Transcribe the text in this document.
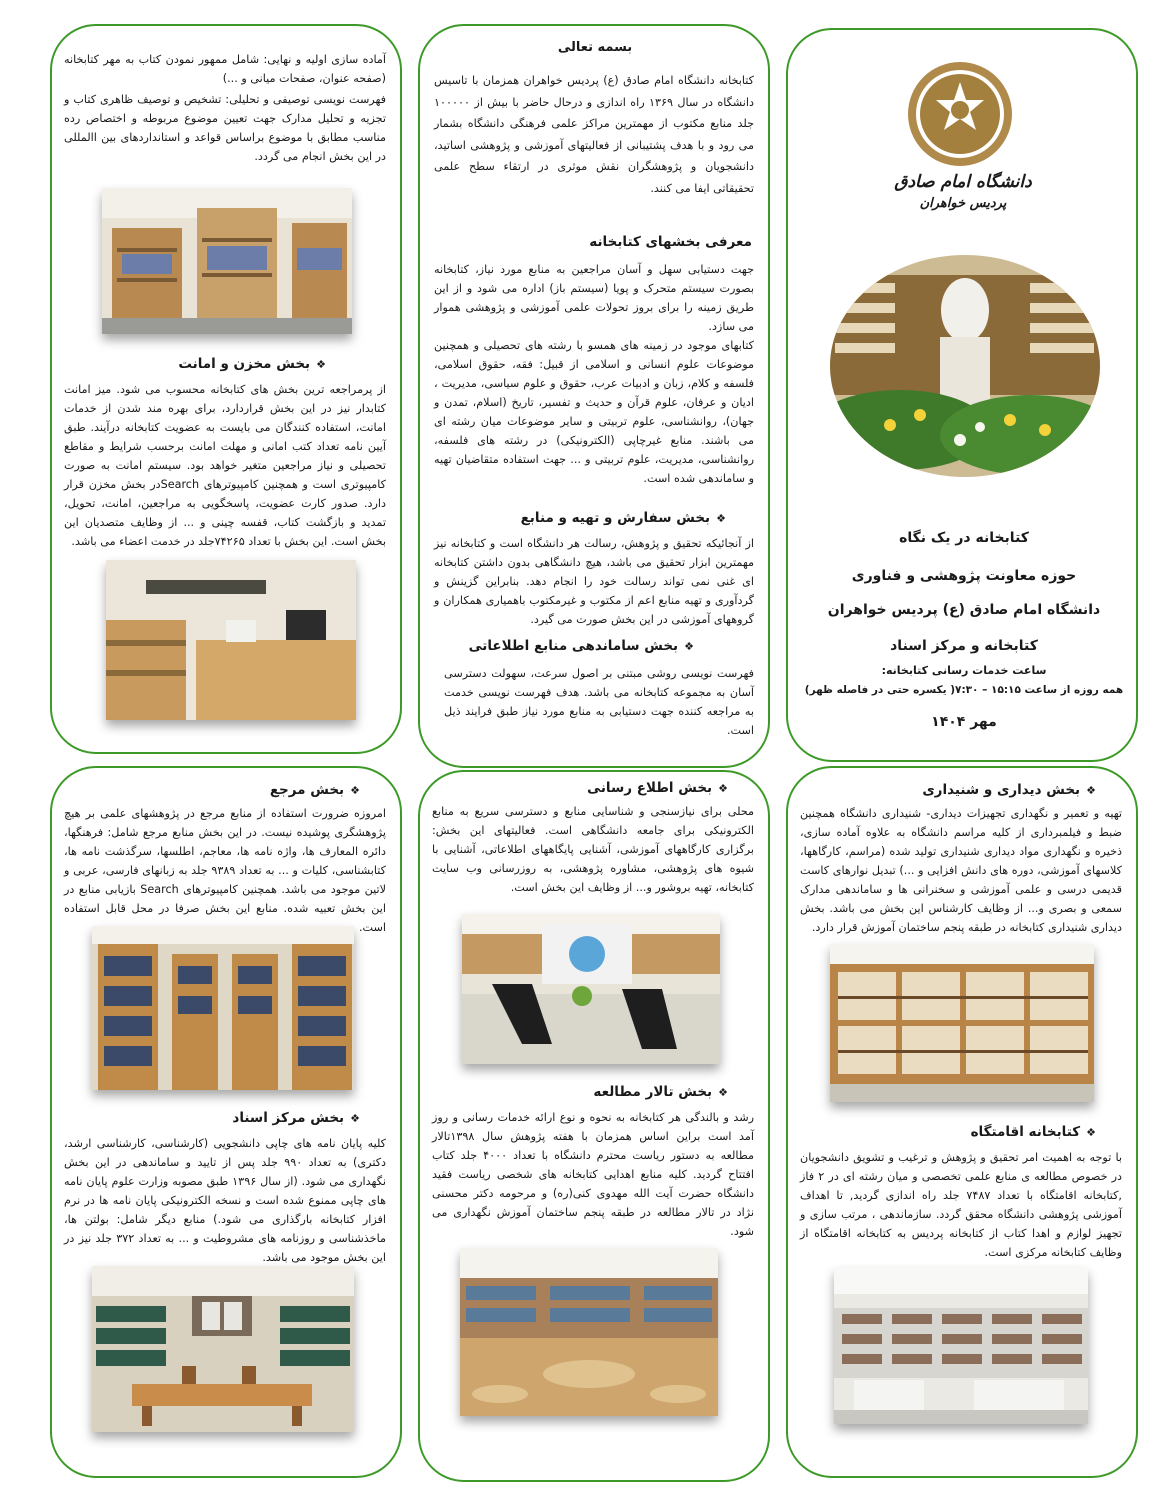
دانشگاه امام صادق
پردیس خواهران
کتابخانه در یک نگاه
حوزه معاونت پژوهشی و فناوری
دانشگاه امام صادق (ع) پردیس خواهران
کتابخانه و مرکز اسناد
ساعت خدمات رسانی کتابخانه:
همه روزه از ساعت ۱۵:۱۵ – ۷:۳۰( یکسره حتی در فاصله ظهر)
مهر ۱۴۰۴
بسمه تعالی
کتابخانه دانشگاه امام صادق (ع) پردیس خواهران همزمان با تاسیس دانشگاه در سال ۱۳۶۹ راه اندازی و درحال حاضر با بیش از ۱۰۰۰۰۰ جلد منابع مکتوب از مهمترین مراکز علمی فرهنگی دانشگاه بشمار می رود و با هدف پشتیبانی از فعالیتهای آموزشی و پژوهشی اساتید، دانشجویان و پژوهشگران نقش موثری در ارتقاء سطح علمی تحقیقاتی ایفا می کنند.
معرفی بخشهای کتابخانه
جهت دستیابی سهل و آسان مراجعین به منابع مورد نیاز، کتابخانه بصورت سیستم متحرک و پویا (سیستم باز) اداره می شود و از این طریق زمینه را برای بروز تحولات علمی آموزشی و پژوهشی هموار می سازد.
کتابهای موجود در زمینه های همسو با رشته های تحصیلی و همچنین موضوعات علوم انسانی و اسلامی از قبیل: فقه، حقوق اسلامی، فلسفه و کلام، زبان و ادبیات عرب، حقوق و علوم سیاسی، مدیریت ، ادیان و عرفان، علوم قرآن و حدیث و تفسیر، تاریخ (اسلام، تمدن و جهان)، روانشناسی، علوم تربیتی و سایر موضوعات میان رشته ای می باشند. منابع غیرچاپی (الکترونیکی) در رشته های فلسفه، روانشناسی، مدیریت، علوم تربیتی و ... جهت استفاده متقاضیان تهیه و ساماندهی شده است.
❖بخش سفارش و تهیه و منابع
از آنجائیکه تحقیق و پژوهش، رسالت هر دانشگاه است و کتابخانه نیز مهمترین ابزار تحقیق می باشد، هیچ دانشگاهی بدون داشتن کتابخانه ای غنی نمی تواند رسالت خود را انجام دهد. بنابراین گزینش و گردآوری و تهیه منابع اعم از مکتوب و غیرمکتوب باهمیاری همکاران و گروههای آموزشی در این بخش صورت می گیرد.
❖بخش ساماندهی منابع اطلاعاتی
فهرست نویسی روشی مبتنی بر اصول سرعت، سهولت دسترسی آسان به مجموعه کتابخانه می باشد. هدف فهرست نویسی خدمت به مراجعه کننده جهت دستیابی به منابع مورد نیاز طبق فرایند ذیل است.
آماده سازی اولیه و نهایی: شامل ممهور نمودن کتاب به مهر کتابخانه (صفحه عنوان، صفحات میانی و ...)
فهرست نویسی توصیفی و تحلیلی: تشخیص و توصیف ظاهری کتاب و تجزیه و تحلیل مدارک جهت تعیین موضوع مربوطه و اختصاص رده مناسب مطابق با موضوع براساس قواعد و استانداردهای بین االمللی در این بخش انجام می گردد.
❖بخش مخزن و امانت
از پرمراجعه ترین بخش های کتابخانه محسوب می شود. میز امانت کتابدار نیز در این بخش قراردارد، برای بهره مند شدن از خدمات امانت، استفاده کنندگان می بایست به عضویت کتابخانه درآیند. طبق آیین نامه تعداد کتب امانی و مهلت امانت برحسب شرایط و مقاطع تحصیلی و نیاز مراجعین متغیر خواهد بود. سیستم امانت به صورت کامپیوتری است و همچنین کامپیوترهای Searchدر بخش مخزن قرار دارد. صدور کارت عضویت، پاسخگویی به مراجعین، امانت، تحویل، تمدید و بازگشت کتاب، قفسه چینی و ... از وظایف متصدیان این بخش است. این بخش با تعداد ۷۴۲۶۵جلد در خدمت اعضاء می باشد.
❖بخش دیداری و شنیداری
تهیه و تعمیر و نگهداری تجهیزات دیداری- شنیداری دانشگاه همچنین ضبط و فیلمبرداری از کلیه مراسم دانشگاه به علاوه آماده سازی، ذخیره و نگهداری مواد دیداری شنیداری تولید شده (مراسم، کارگاهها، کلاسهای آموزشی، دوره های دانش افزایی و ...) تبدیل نوارهای کاست قدیمی درسی و علمی آموزشی و سخنرانی ها و ساماندهی مدارک سمعی و بصری و... از وظایف کارشناس این بخش می باشد. بخش دیداری شنیداری کتابخانه در طبقه پنجم ساختمان آموزش قرار دارد.
❖کتابخانه اقامتگاه
با توجه به اهمیت امر تحقیق و پژوهش و ترغیب و تشویق دانشجویان در خصوص مطالعه ی منابع علمی تخصصی و میان رشته ای در ۲ فاز ,کتابخانه اقامتگاه با تعداد ۷۴۸۷ جلد راه اندازی گردید, تا اهداف آموزشی پژوهشی دانشگاه محقق گردد. سازماندهی ، مرتب سازی و تجهیز لوازم و اهدا کتاب از کتابخانه پردیس به کتابخانه اقامتگاه از وظایف کتابخانه مرکزی است.
❖بخش اطلاع رسانی
محلی برای نیازسنجی و شناسایی منابع و دسترسی سریع به منابع الکترونیکی برای جامعه دانشگاهی است. فعالیتهای این بخش: برگزاری کارگاههای آموزشی، آشنایی پایگاههای اطلاعاتی، آشنایی با شیوه های پژوهشی، مشاوره پژوهشی، به روزرسانی وب سایت کتابخانه، تهیه بروشور و... از وظایف این بخش است.
❖بخش تالار مطالعه
رشد و بالندگی هر کتابخانه به نحوه و نوع ارائه خدمات رسانی و روز آمد است براین اساس همزمان با هفته پژوهش سال ۱۳۹۸تالار مطالعه به دستور ریاست محترم دانشگاه با تعداد ۴۰۰۰ جلد کتاب افتتاح گردید. کلیه منابع اهدایی کتابخانه های شخصی ریاست فقید دانشگاه حضرت آیت الله مهدوی کنی(ره) و مرحومه دکتر محسنی نژاد در تالار مطالعه در طبقه پنجم ساختمان آموزش نگهداری می شود.
❖بخش مرجع
امروزه ضرورت استفاده از منابع مرجع در پژوهشهای علمی بر هیچ پژوهشگری پوشیده نیست. در این بخش منابع مرجع شامل: فرهنگها، دائره المعارف ها، واژه نامه ها، معاجم، اطلسها، سرگذشت نامه ها، کتابشناسی، کلیات و ... به تعداد ۹۳۸۹ جلد به زبانهای فارسی، عربی و لاتین موجود می باشد. همچنین کامپیوترهای Search بازیابی منابع در این بخش تعبیه شده. منابع این بخش صرفا در محل قابل استفاده است.
❖بخش مرکز اسناد
کلیه پایان نامه های چاپی دانشجویی (کارشناسی، کارشناسی ارشد، دکتری) به تعداد ۹۹۰ جلد پس از تایید و ساماندهی در این بخش نگهداری می شود. (از سال ۱۳۹۶ طبق مصوبه وزارت علوم پایان نامه های چاپی ممنوع شده است و نسخه الکترونیکی پایان نامه ها در نرم افزار کتابخانه بارگذاری می شود.) منابع دیگر شامل: بولتن ها، ماخذشناسی و روزنامه های مشروطیت و ... به تعداد ۳۷۲ جلد نیز در این بخش موجود می باشد.
